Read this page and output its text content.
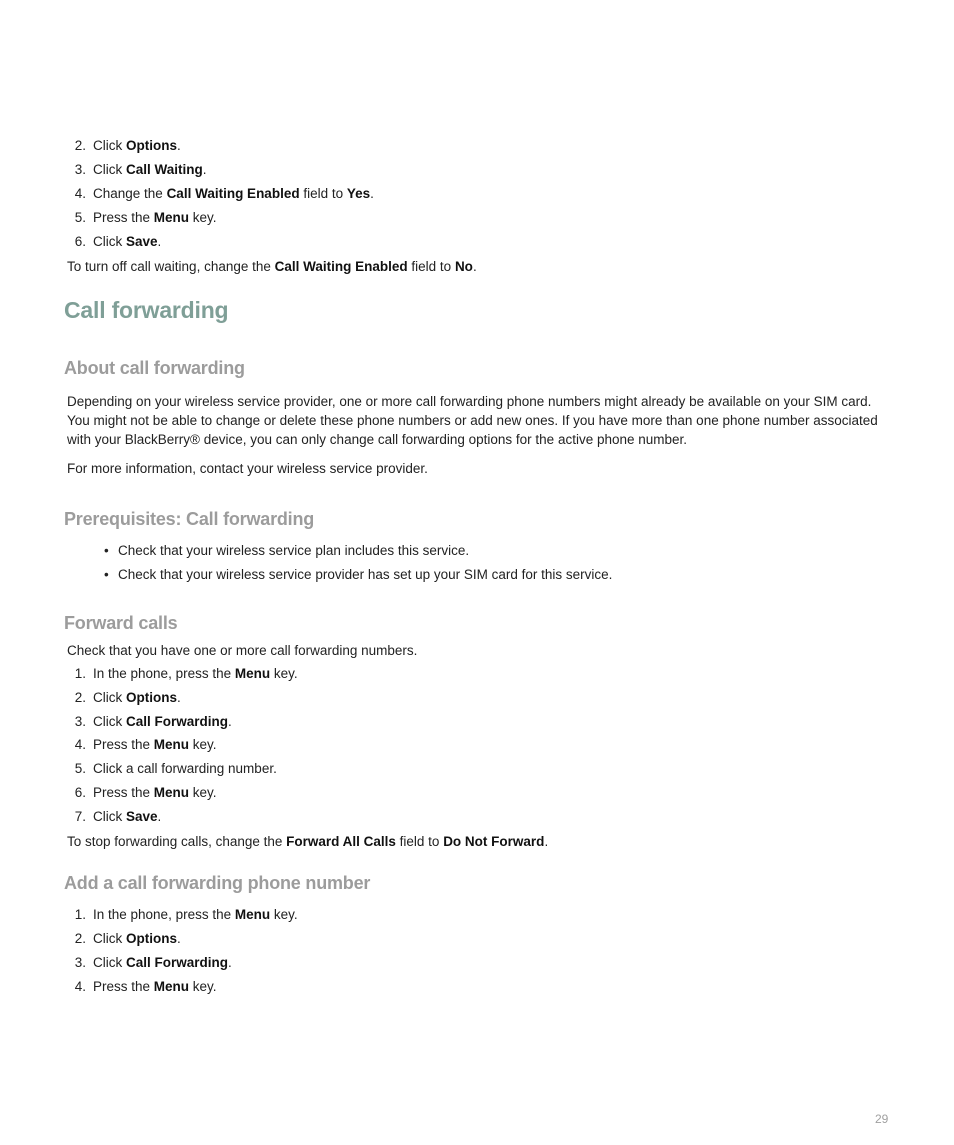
2. Click Options.
3. Click Call Waiting.
4. Change the Call Waiting Enabled field to Yes.
5. Press the Menu key.
6. Click Save.
To turn off call waiting, change the Call Waiting Enabled field to No.
Call forwarding
About call forwarding
Depending on your wireless service provider, one or more call forwarding phone numbers might already be available on your SIM card.
You might not be able to change or delete these phone numbers or add new ones. If you have more than one phone number associated
with your BlackBerry® device, you can only change call forwarding options for the active phone number.
For more information, contact your wireless service provider.
Prerequisites: Call forwarding
• Check that your wireless service plan includes this service.
• Check that your wireless service provider has set up your SIM card for this service.
Forward calls
Check that you have one or more call forwarding numbers.
1. In the phone, press the Menu key.
2. Click Options.
3. Click Call Forwarding.
4. Press the Menu key.
5. Click a call forwarding number.
6. Press the Menu key.
7. Click Save.
To stop forwarding calls, change the Forward All Calls field to Do Not Forward.
Add a call forwarding phone number
1. In the phone, press the Menu key.
2. Click Options.
3. Click Call Forwarding.
4. Press the Menu key.
29
